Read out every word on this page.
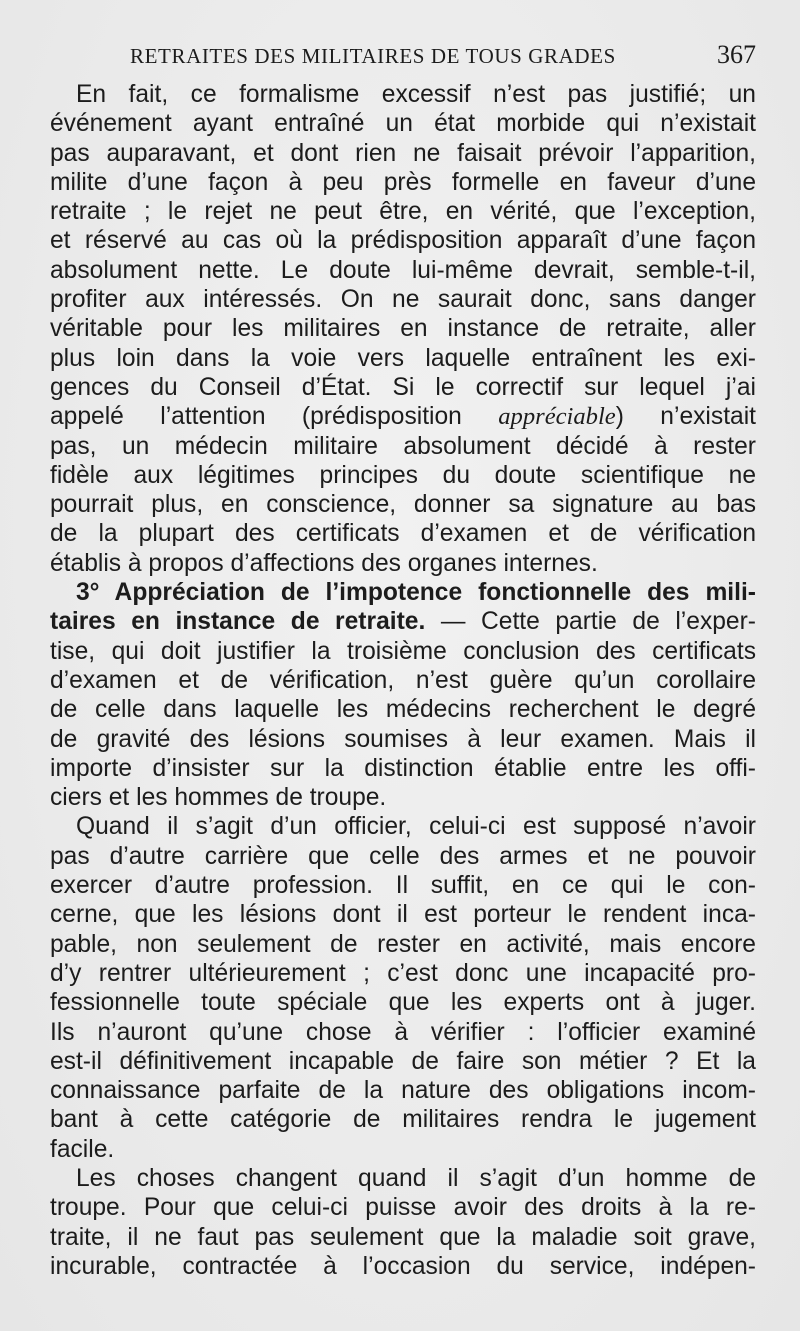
RETRAITES DES MILITAIRES DE TOUS GRADES	367
En fait, ce formalisme excessif n’est pas justifié; un
événement ayant entraîné un état morbide qui n’existait
pas auparavant, et dont rien ne faisait prévoir l’apparition,
milite d’une façon à peu près formelle en faveur d’une
retraite ; le rejet ne peut être, en vérité, que l’exception,
et réservé au cas où la prédisposition apparaît d’une façon
absolument nette. Le doute lui-même devrait, semble-t-il,
profiter aux intéressés. On ne saurait donc, sans danger
véritable pour les militaires en instance de retraite, aller
plus loin dans la voie vers laquelle entraînent les exi-
gences du Conseil d’État. Si le correctif sur lequel j’ai
appelé l’attention (prédisposition appréciable) n’existait
pas, un médecin militaire absolument décidé à rester
fidèle aux légitimes principes du doute scientifique ne
pourrait plus, en conscience, donner sa signature au bas
de la plupart des certificats d’examen et de vérification
établis à propos d’affections des organes internes.
3° Appréciation de l’impotence fonctionnelle des mili-
taires en instance de retraite. — Cette partie de l’exper-
tise, qui doit justifier la troisième conclusion des certificats
d’examen et de vérification, n’est guère qu’un corollaire
de celle dans laquelle les médecins recherchent le degré
de gravité des lésions soumises à leur examen. Mais il
importe d’insister sur la distinction établie entre les offi-
ciers et les hommes de troupe.
Quand il s’agit d’un officier, celui-ci est supposé n’avoir
pas d’autre carrière que celle des armes et ne pouvoir
exercer d’autre profession. Il suffit, en ce qui le con-
cerne, que les lésions dont il est porteur le rendent inca-
pable, non seulement de rester en activité, mais encore
d’y rentrer ultérieurement ; c’est donc une incapacité pro-
fessionnelle toute spéciale que les experts ont à juger.
Ils n’auront qu’une chose à vérifier : l’officier examiné
est-il définitivement incapable de faire son métier ? Et la
connaissance parfaite de la nature des obligations incom-
bant à cette catégorie de militaires rendra le jugement
facile.
Les choses changent quand il s’agit d’un homme de
troupe. Pour que celui-ci puisse avoir des droits à la re-
traite, il ne faut pas seulement que la maladie soit grave,
incurable, contractée à l’occasion du service, indépen-
